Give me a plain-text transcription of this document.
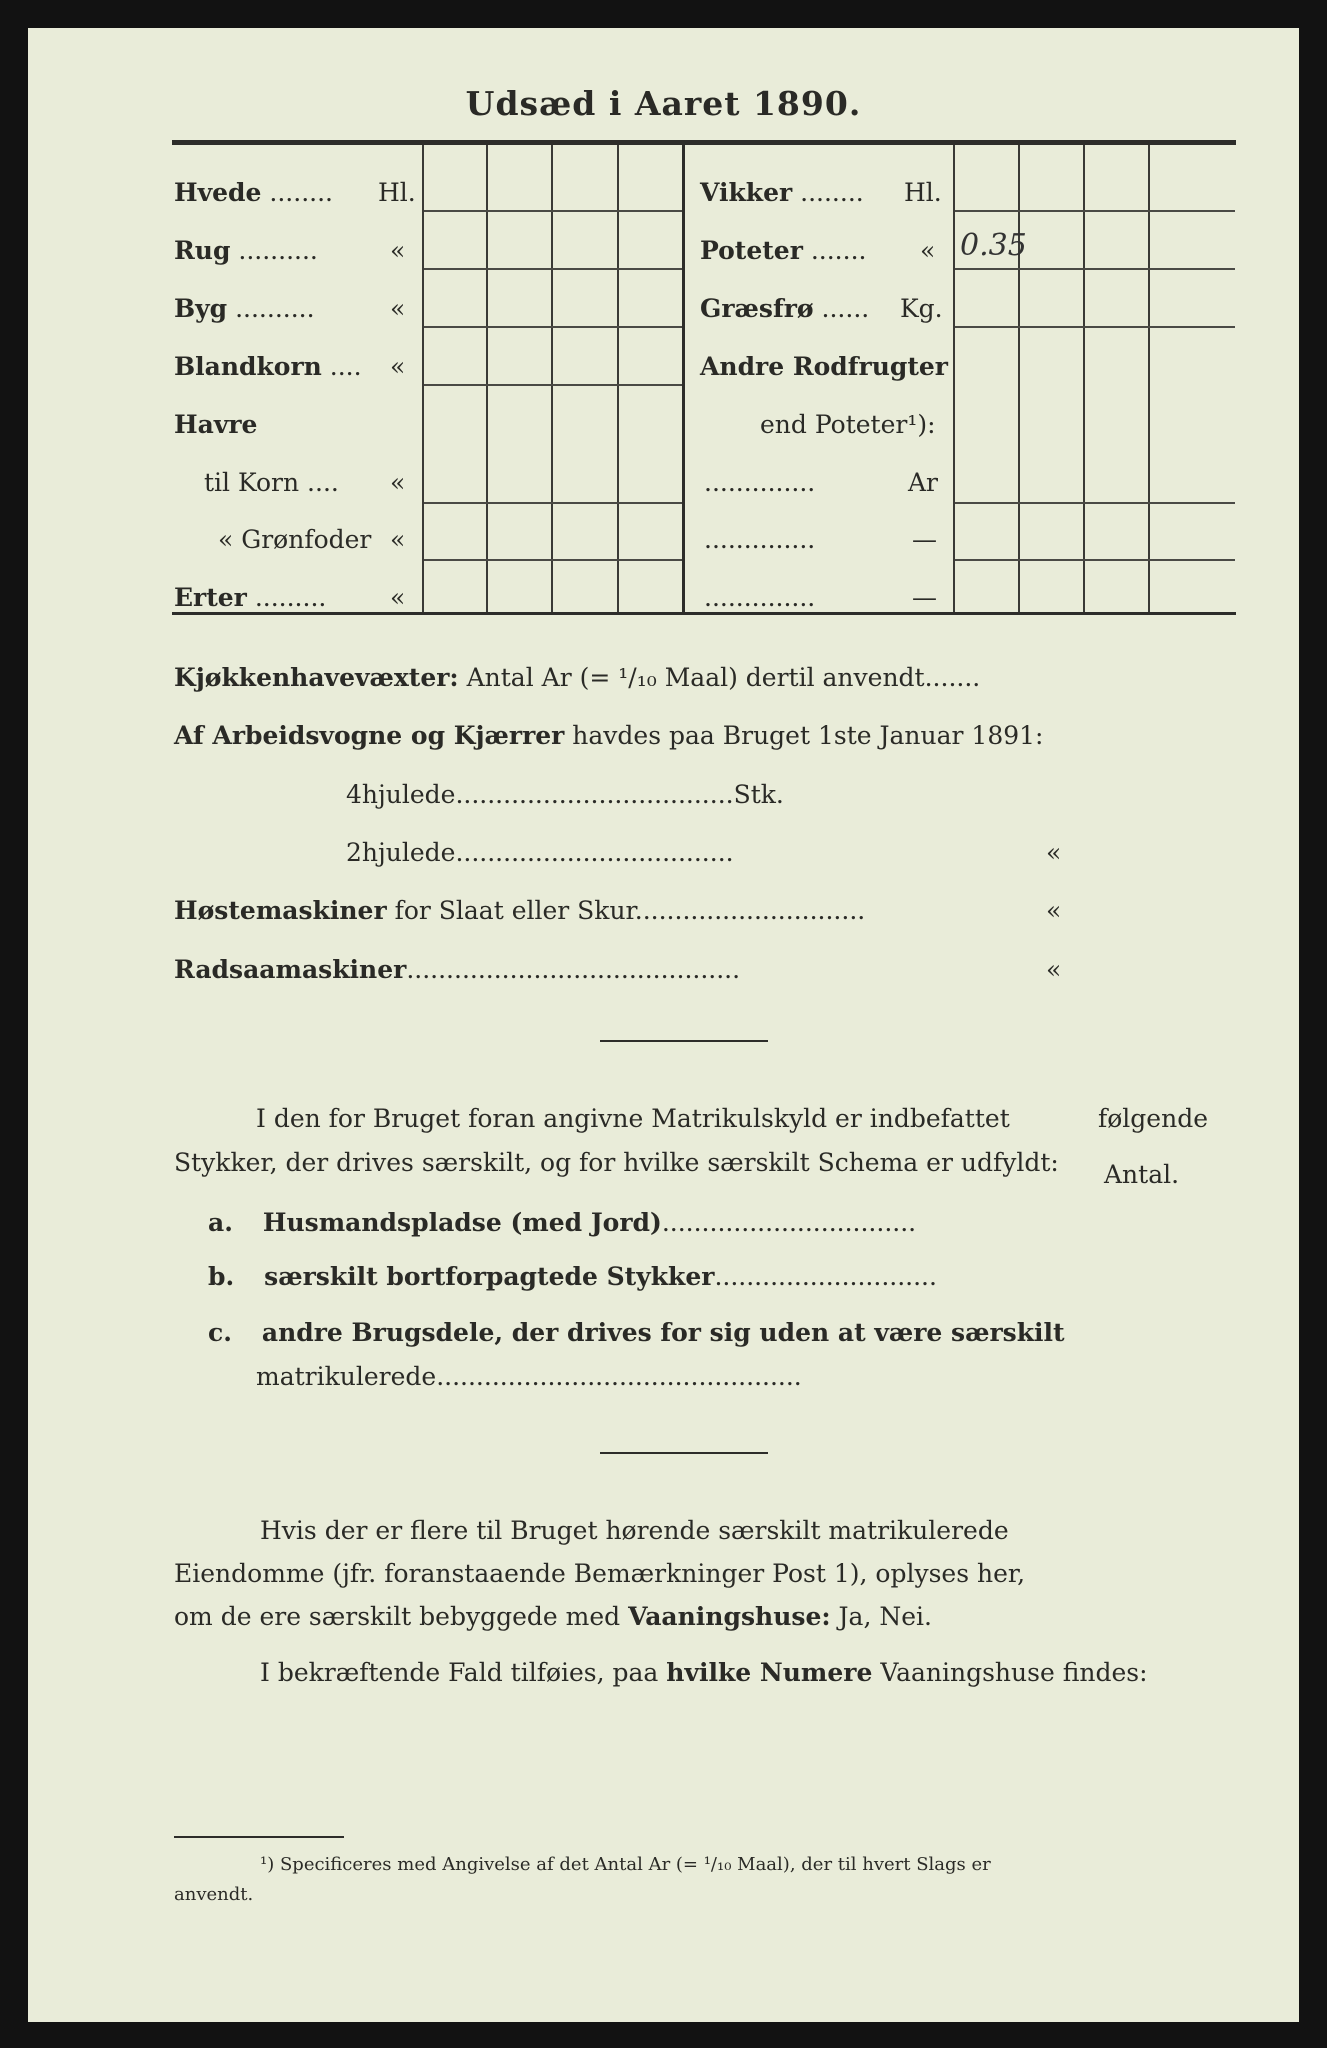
Udsæd i Aaret 1890.
Hvede ........ Hl.
Rug ..........	«
Byg ..........	«
Blandkorn .... «
Havre
til Korn .... «
« Grønfoder «
Erter .........	«
Vikker ........ Hl.
Poteter ....... « 0.35
Græsfrø ...... Kg.
Andre Rodfrugter
end Poteter¹):
..............	Ar
..............	—
..............	—
Kjøkkenhavevæxter: Antal Ar (= ¹/₁₀ Maal) dertil anvendt.......
Af Arbeidsvogne og Kjærrer havdes paa Bruget 1ste Januar 1891:
4hjulede...................................Stk.
2hjulede...................................	«
Høstemaskiner for Slaat eller Skur.............................	«
Radsaamaskiner..........................................	«
I den for Bruget foran angivne Matrikulskyld er indbefattet	følgende
Stykker, der drives særskilt, og for hvilke særskilt Schema er udfyldt: Antal.
a. Husmandspladse (med Jord)................................
b. særskilt bortforpagtede Stykker............................
c. andre Brugsdele, der drives for sig uden at være særskilt
matrikulerede..............................................
Hvis der er flere til Bruget hørende særskilt matrikulerede
Eiendomme (jfr. foranstaaende Bemærkninger Post 1), oplyses her,
om de ere særskilt bebyggede med Vaaningshuse: Ja, Nei.
I bekræftende Fald tilføies, paa hvilke Numere Vaaningshuse findes:
¹) Specificeres med Angivelse af det Antal Ar (= ¹/₁₀ Maal), der til hvert Slags er
anvendt.
